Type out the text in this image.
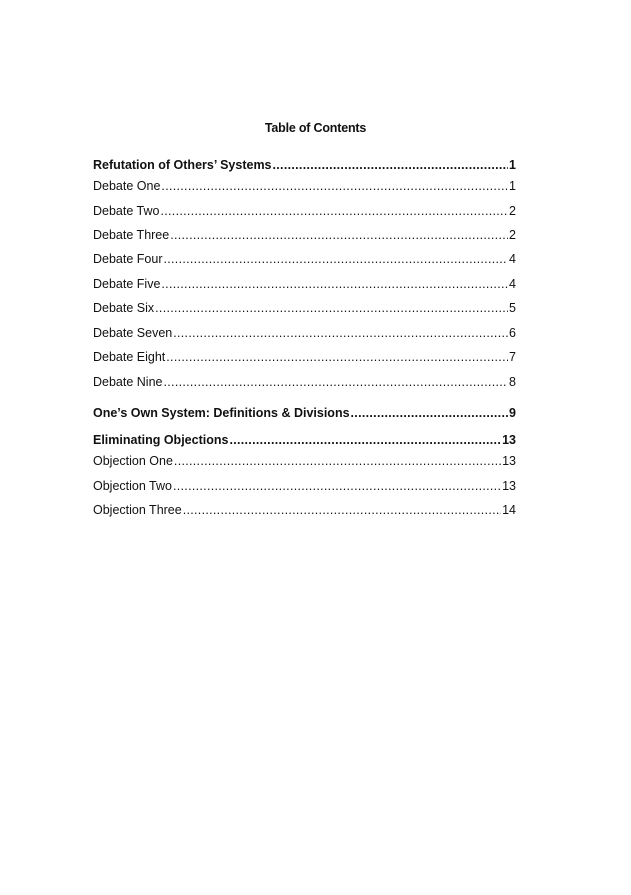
Table of Contents
Refutation of Others’ Systems .....	1
Debate One .....	1
Debate Two .....	2
Debate Three .....	2
Debate Four .....	4
Debate Five .....	4
Debate Six .....	5
Debate Seven .....	6
Debate Eight .....	7
Debate Nine .....	8
One’s Own System: Definitions & Divisions .....	9
Eliminating Objections .....	13
Objection One .....	13
Objection Two .....	13
Objection Three .....	14
